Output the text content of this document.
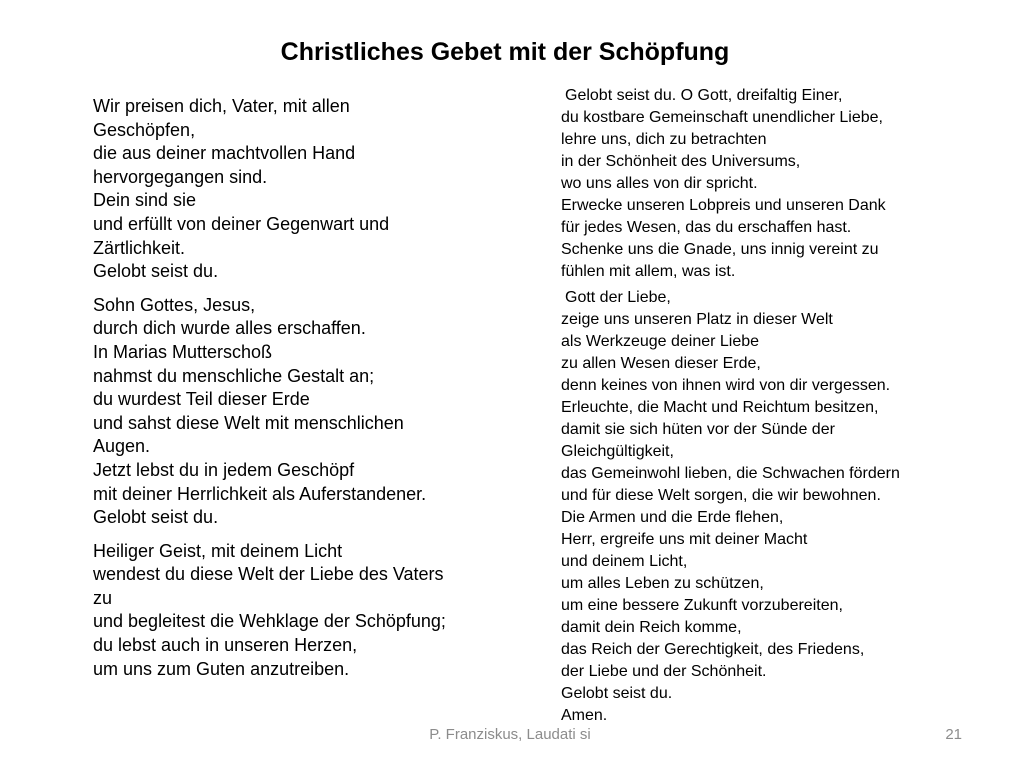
Christliches Gebet mit der Schöpfung
Wir preisen dich, Vater, mit allen
Geschöpfen,
die aus deiner machtvollen Hand
hervorgegangen sind.
Dein sind sie
und erfüllt von deiner Gegenwart und
Zärtlichkeit.
Gelobt seist du.
Sohn Gottes, Jesus,
durch dich wurde alles erschaffen.
In Marias Mutterschoß
nahmst du menschliche Gestalt an;
du wurdest Teil dieser Erde
und sahst diese Welt mit menschlichen
Augen.
Jetzt lebst du in jedem Geschöpf
mit deiner Herrlichkeit als Auferstandener.
Gelobt seist du.
Heiliger Geist, mit deinem Licht
wendest du diese Welt der Liebe des Vaters
zu
und begleitest die Wehklage der Schöpfung;
du lebst auch in unseren Herzen,
um uns zum Guten anzutreiben.
Gelobt seist du. O Gott, dreifaltig Einer,
du kostbare Gemeinschaft unendlicher Liebe,
lehre uns, dich zu betrachten
in der Schönheit des Universums,
wo uns alles von dir spricht.
Erwecke unseren Lobpreis und unseren Dank
für jedes Wesen, das du erschaffen hast.
Schenke uns die Gnade, uns innig vereint zu
fühlen mit allem, was ist.
Gott der Liebe,
zeige uns unseren Platz in dieser Welt
als Werkzeuge deiner Liebe
zu allen Wesen dieser Erde,
denn keines von ihnen wird von dir vergessen.
Erleuchte, die Macht und Reichtum besitzen,
damit sie sich hüten vor der Sünde der
Gleichgültigkeit,
das Gemeinwohl lieben, die Schwachen fördern
und für diese Welt sorgen, die wir bewohnen.
Die Armen und die Erde flehen,
Herr, ergreife uns mit deiner Macht
und deinem Licht,
um alles Leben zu schützen,
um eine bessere Zukunft vorzubereiten,
damit dein Reich komme,
das Reich der Gerechtigkeit, des Friedens,
der Liebe und der Schönheit.
Gelobt seist du.
Amen.
P. Franziskus, Laudati si	21
